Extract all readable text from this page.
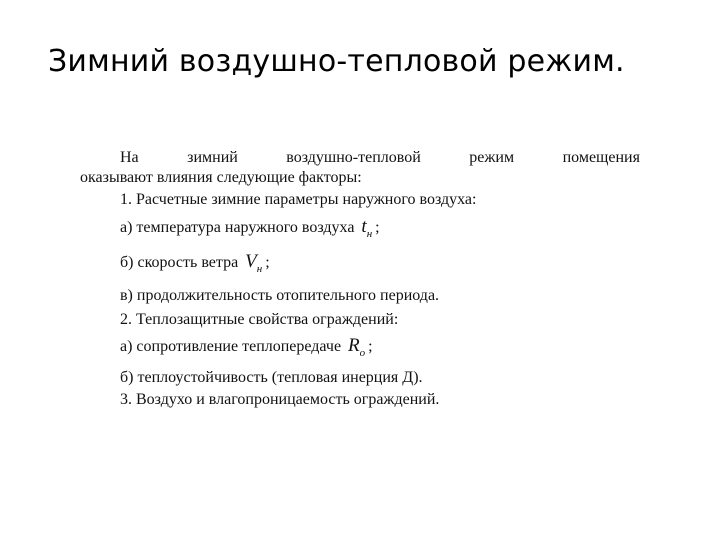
Зимний воздушно-тепловой режим.
На	зимний	воздушно-тепловой	режим	помещения
оказывают влияния следующие факторы:
1. Расчетные зимние параметры наружного воздуха:
а) температура наружного воздуха $t_н$ ;
б) скорость ветра $V_н$ ;
в) продолжительность отопительного периода.
2. Теплозащитные свойства ограждений:
а) сопротивление теплопередаче $R_о$ ;
б) теплоустойчивость (тепловая инерция Д).
3. Воздухо и влагопроницаемость ограждений.
